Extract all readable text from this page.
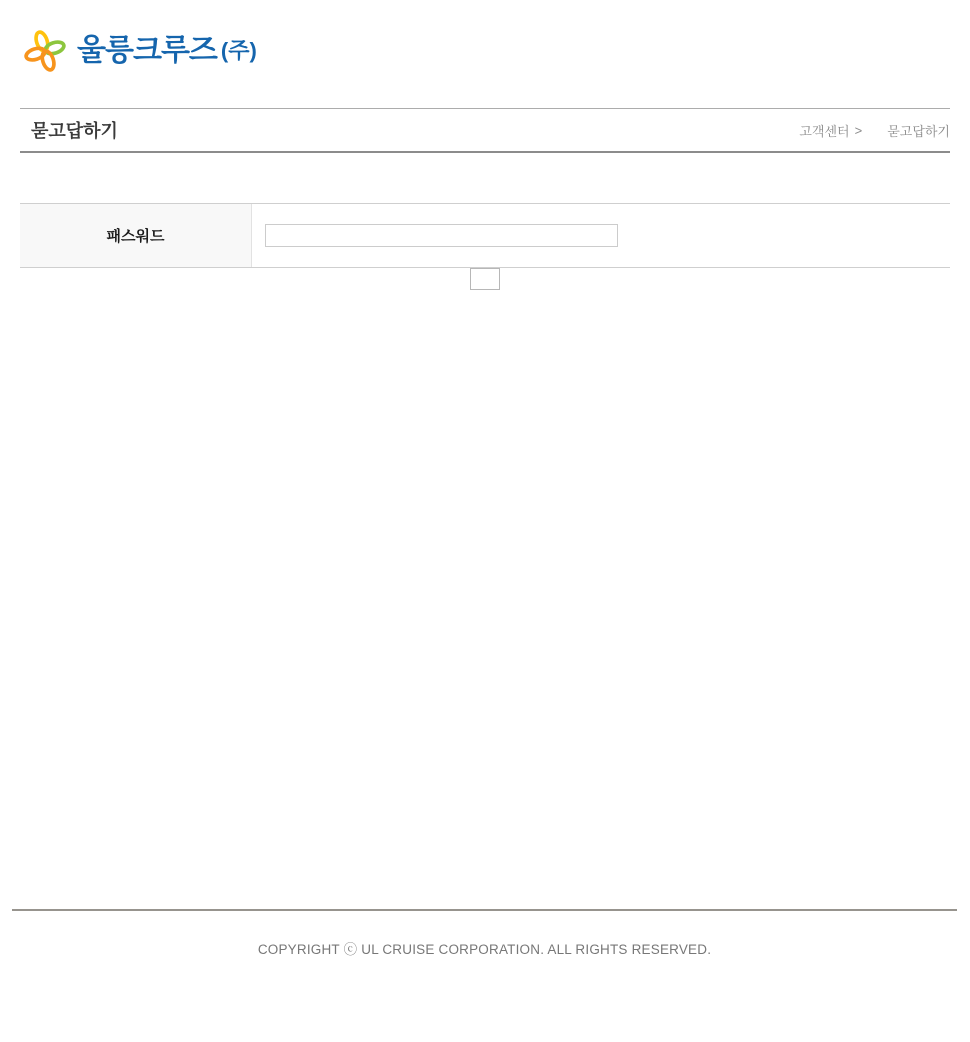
울릉크루즈 (주)
묻고답하기	고객센터 > 묻고답하기
패스워드

COPYRIGHT ⓒ UL CRUISE CORPORATION. ALL RIGHTS RESERVED.
